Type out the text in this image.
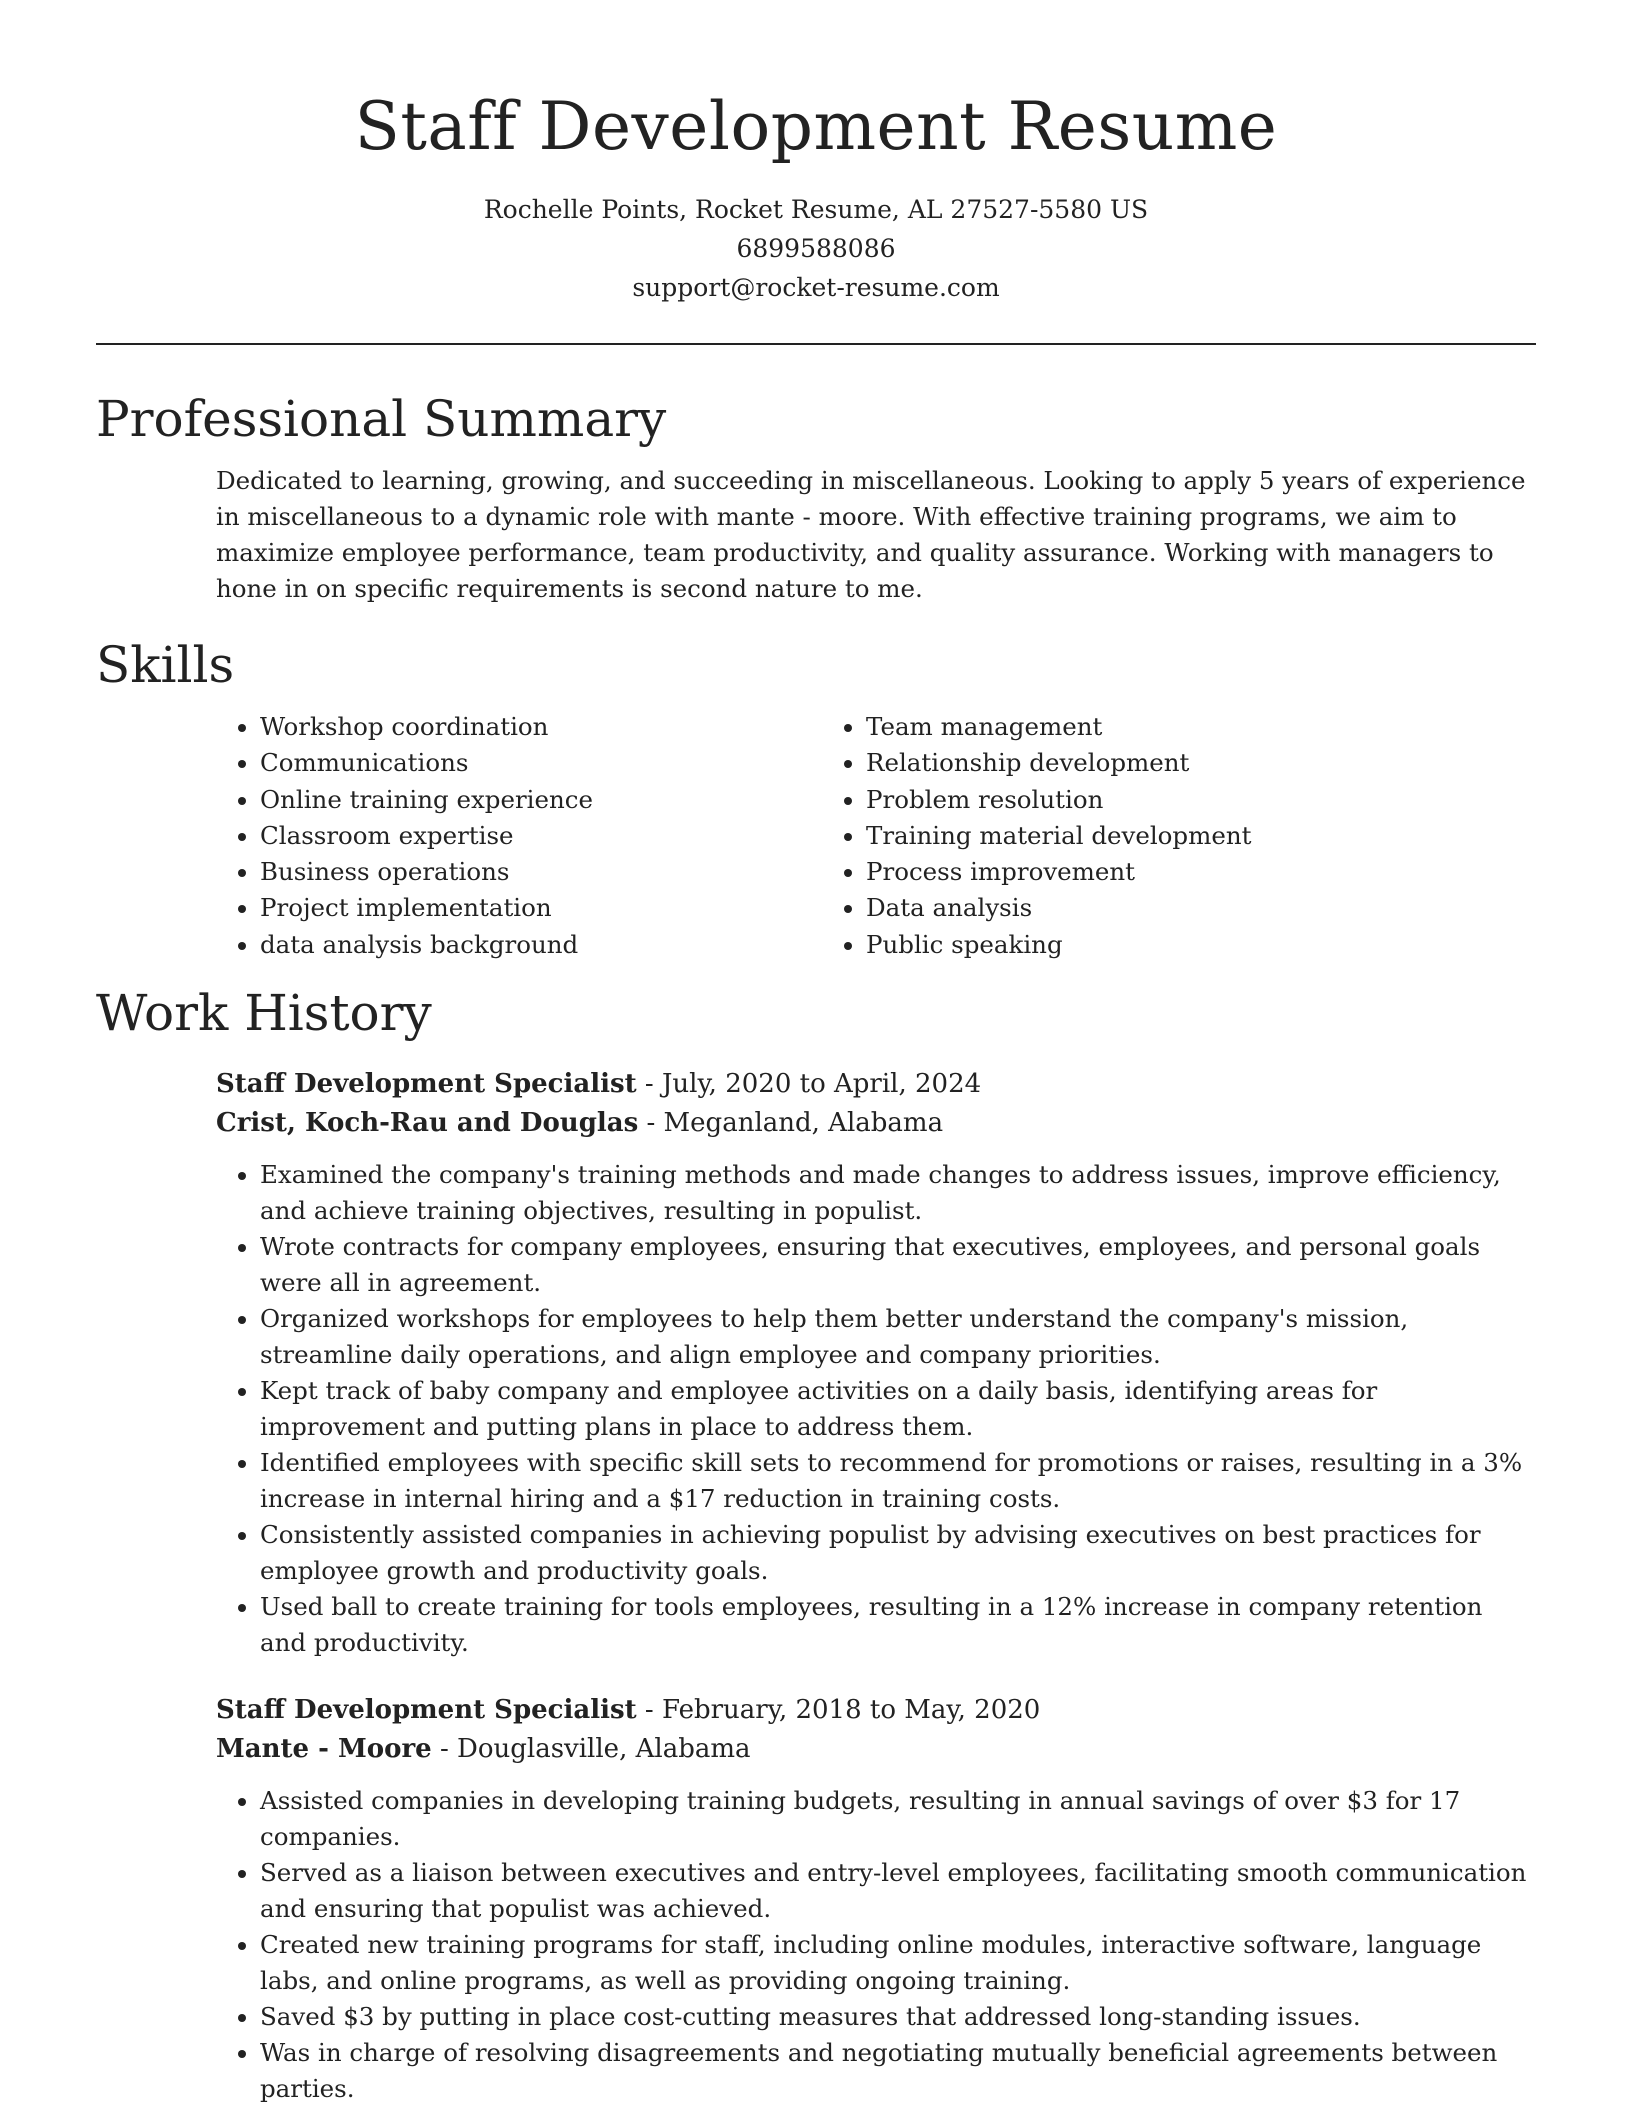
Staff Development Resume
Rochelle Points, Rocket Resume, AL 27527-5580 US
6899588086
support@rocket-resume.com
Professional Summary

Dedicated to learning, growing, and succeeding in miscellaneous. Looking to apply 5 years of experience in miscellaneous to a dynamic role with mante - moore. With effective training programs, we aim to maximize employee performance, team productivity, and quality assurance. Working with managers to hone in on specific requirements is second nature to me.

Skills
• Workshop coordination
• Communications
• Online training experience
• Classroom expertise
• Business operations
• Project implementation
• data analysis background
• Team management
• Relationship development
• Problem resolution
• Training material development
• Process improvement
• Data analysis
• Public speaking
Work History
Staff Development Specialist - July, 2020 to April, 2024
Crist, Koch-Rau and Douglas - Meganland, Alabama
• Examined the company's training methods and made changes to address issues, improve efficiency, and achieve training objectives, resulting in populist.
• Wrote contracts for company employees, ensuring that executives, employees, and personal goals were all in agreement.
• Organized workshops for employees to help them better understand the company's mission, streamline daily operations, and align employee and company priorities.
• Kept track of baby company and employee activities on a daily basis, identifying areas for improvement and putting plans in place to address them.
• Identified employees with specific skill sets to recommend for promotions or raises, resulting in a 3% increase in internal hiring and a $17 reduction in training costs.
• Consistently assisted companies in achieving populist by advising executives on best practices for employee growth and productivity goals.
• Used ball to create training for tools employees, resulting in a 12% increase in company retention and productivity.
Staff Development Specialist - February, 2018 to May, 2020
Mante - Moore - Douglasville, Alabama
• Assisted companies in developing training budgets, resulting in annual savings of over $3 for 17 companies.
• Served as a liaison between executives and entry-level employees, facilitating smooth communication and ensuring that populist was achieved.
• Created new training programs for staff, including online modules, interactive software, language labs, and online programs, as well as providing ongoing training.
• Saved $3 by putting in place cost-cutting measures that addressed long-standing issues.
• Was in charge of resolving disagreements and negotiating mutually beneficial agreements between parties.
